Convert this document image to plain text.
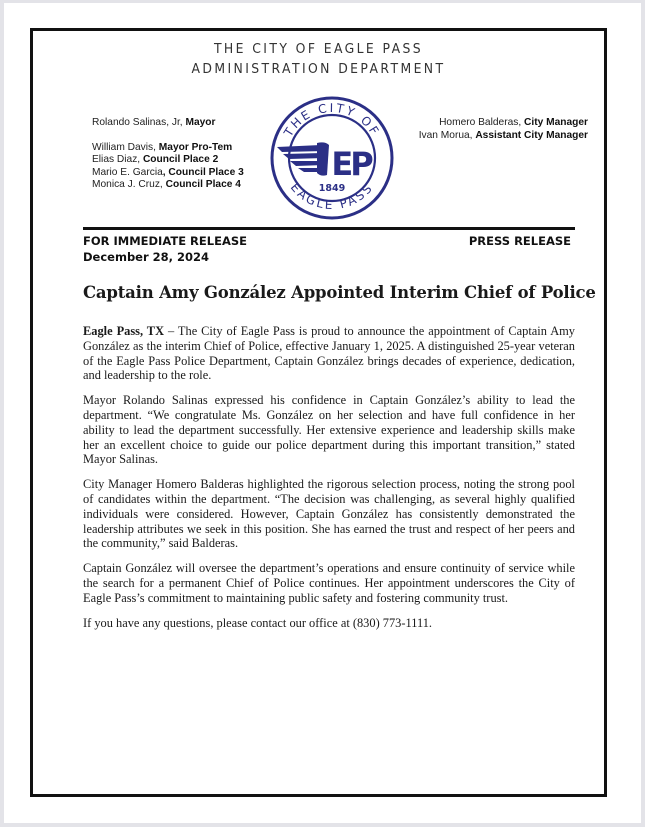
THE CITY OF EAGLE PASS
ADMINISTRATION DEPARTMENT
Rolando Salinas, Jr, Mayor
William Davis, Mayor Pro-Tem
Elias Diaz, Council Place 2
Mario E. Garcia, Council Place 3
Monica J. Cruz, Council Place 4
EP
1849
THE CITY OF
EAGLE PASS
Homero Balderas, City Manager
Ivan Morua, Assistant City Manager
FOR IMMEDIATE RELEASE
December 28, 2024
PRESS RELEASE
Captain Amy González Appointed Interim Chief of Police

Eagle Pass, TX – The City of Eagle Pass is proud to announce the appointment of Captain Amy González as the interim Chief of Police, effective January 1, 2025. A distinguished 25-year veteran of the Eagle Pass Police Department, Captain González brings decades of experience, dedication, and leadership to the role.

Mayor Rolando Salinas expressed his confidence in Captain González’s ability to lead the department. “We congratulate Ms. González on her selection and have full confidence in her ability to lead the department successfully. Her extensive experience and leadership skills make her an excellent choice to guide our police department during this important transition,” stated Mayor Salinas.

City Manager Homero Balderas highlighted the rigorous selection process, noting the strong pool of candidates within the department. “The decision was challenging, as several highly qualified individuals were considered. However, Captain González has consistently demonstrated the leadership attributes we seek in this position. She has earned the trust and respect of her peers and the community,” said Balderas.

Captain González will oversee the department’s operations and ensure continuity of service while the search for a permanent Chief of Police continues. Her appointment underscores the City of Eagle Pass’s commitment to maintaining public safety and fostering community trust.

If you have any questions, please contact our office at (830) 773-1111.
